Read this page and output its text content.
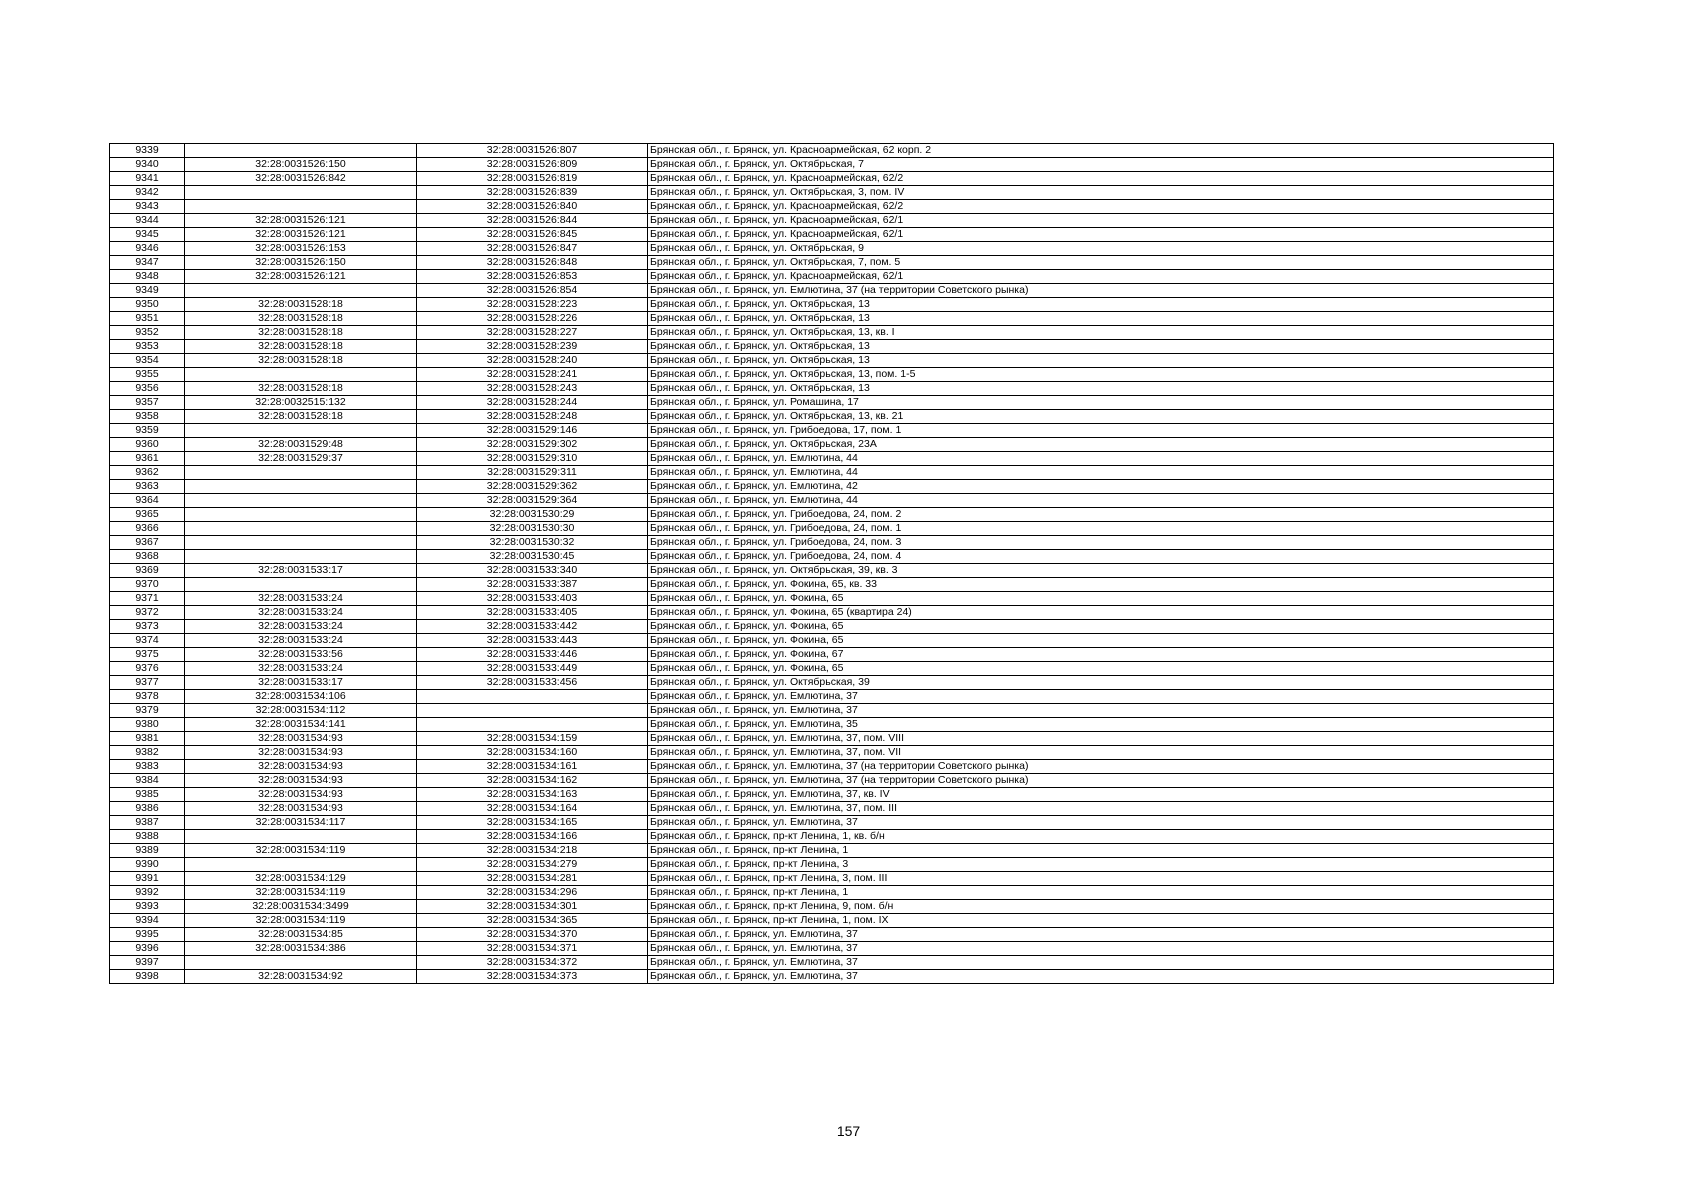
9339		32:28:0031526:807	Брянская обл., г. Брянск, ул. Красноармейская, 62 корп. 2
9340	32:28:0031526:150	32:28:0031526:809	Брянская обл., г. Брянск, ул. Октябрьская, 7
9341	32:28:0031526:842	32:28:0031526:819	Брянская обл., г. Брянск, ул. Красноармейская, 62/2
9342		32:28:0031526:839	Брянская обл., г. Брянск, ул. Октябрьская, 3, пом. IV
9343		32:28:0031526:840	Брянская обл., г. Брянск, ул. Красноармейская, 62/2
9344	32:28:0031526:121	32:28:0031526:844	Брянская обл., г. Брянск, ул. Красноармейская, 62/1
9345	32:28:0031526:121	32:28:0031526:845	Брянская обл., г. Брянск, ул. Красноармейская, 62/1
9346	32:28:0031526:153	32:28:0031526:847	Брянская обл., г. Брянск, ул. Октябрьская, 9
9347	32:28:0031526:150	32:28:0031526:848	Брянская обл., г. Брянск, ул. Октябрьская, 7, пом. 5
9348	32:28:0031526:121	32:28:0031526:853	Брянская обл., г. Брянск, ул. Красноармейская, 62/1
9349		32:28:0031526:854	Брянская обл., г. Брянск, ул. Емлютина, 37 (на территории Советского рынка)
9350	32:28:0031528:18	32:28:0031528:223	Брянская обл., г. Брянск, ул. Октябрьская, 13
9351	32:28:0031528:18	32:28:0031528:226	Брянская обл., г. Брянск, ул. Октябрьская, 13
9352	32:28:0031528:18	32:28:0031528:227	Брянская обл., г. Брянск, ул. Октябрьская, 13, кв. I
9353	32:28:0031528:18	32:28:0031528:239	Брянская обл., г. Брянск, ул. Октябрьская, 13
9354	32:28:0031528:18	32:28:0031528:240	Брянская обл., г. Брянск, ул. Октябрьская, 13
9355		32:28:0031528:241	Брянская обл., г. Брянск, ул. Октябрьская, 13, пом. 1-5
9356	32:28:0031528:18	32:28:0031528:243	Брянская обл., г. Брянск, ул. Октябрьская, 13
9357	32:28:0032515:132	32:28:0031528:244	Брянская обл., г. Брянск, ул. Ромашина, 17
9358	32:28:0031528:18	32:28:0031528:248	Брянская обл., г. Брянск, ул. Октябрьская, 13, кв. 21
9359		32:28:0031529:146	Брянская обл., г. Брянск, ул. Грибоедова, 17, пом. 1
9360	32:28:0031529:48	32:28:0031529:302	Брянская обл., г. Брянск, ул. Октябрьская, 23А
9361	32:28:0031529:37	32:28:0031529:310	Брянская обл., г. Брянск, ул. Емлютина, 44
9362		32:28:0031529:311	Брянская обл., г. Брянск, ул. Емлютина, 44
9363		32:28:0031529:362	Брянская обл., г. Брянск, ул. Емлютина, 42
9364		32:28:0031529:364	Брянская обл., г. Брянск, ул. Емлютина, 44
9365		32:28:0031530:29	Брянская обл., г. Брянск, ул. Грибоедова, 24, пом. 2
9366		32:28:0031530:30	Брянская обл., г. Брянск, ул. Грибоедова, 24, пом. 1
9367		32:28:0031530:32	Брянская обл., г. Брянск, ул. Грибоедова, 24, пом. 3
9368		32:28:0031530:45	Брянская обл., г. Брянск, ул. Грибоедова, 24, пом. 4
9369	32:28:0031533:17	32:28:0031533:340	Брянская обл., г. Брянск, ул. Октябрьская, 39, кв. 3
9370		32:28:0031533:387	Брянская обл., г. Брянск, ул. Фокина, 65, кв. 33
9371	32:28:0031533:24	32:28:0031533:403	Брянская обл., г. Брянск, ул. Фокина, 65
9372	32:28:0031533:24	32:28:0031533:405	Брянская обл., г. Брянск, ул. Фокина, 65 (квартира 24)
9373	32:28:0031533:24	32:28:0031533:442	Брянская обл., г. Брянск, ул. Фокина, 65
9374	32:28:0031533:24	32:28:0031533:443	Брянская обл., г. Брянск, ул. Фокина, 65
9375	32:28:0031533:56	32:28:0031533:446	Брянская обл., г. Брянск, ул. Фокина, 67
9376	32:28:0031533:24	32:28:0031533:449	Брянская обл., г. Брянск, ул. Фокина, 65
9377	32:28:0031533:17	32:28:0031533:456	Брянская обл., г. Брянск, ул. Октябрьская, 39
9378	32:28:0031534:106		Брянская обл., г. Брянск, ул. Емлютина, 37
9379	32:28:0031534:112		Брянская обл., г. Брянск, ул. Емлютина, 37
9380	32:28:0031534:141		Брянская обл., г. Брянск, ул. Емлютина, 35
9381	32:28:0031534:93	32:28:0031534:159	Брянская обл., г. Брянск, ул. Емлютина, 37, пом. VIII
9382	32:28:0031534:93	32:28:0031534:160	Брянская обл., г. Брянск, ул. Емлютина, 37, пом. VII
9383	32:28:0031534:93	32:28:0031534:161	Брянская обл., г. Брянск, ул. Емлютина, 37 (на территории Советского рынка)
9384	32:28:0031534:93	32:28:0031534:162	Брянская обл., г. Брянск, ул. Емлютина, 37 (на территории Советского рынка)
9385	32:28:0031534:93	32:28:0031534:163	Брянская обл., г. Брянск, ул. Емлютина, 37, кв. IV
9386	32:28:0031534:93	32:28:0031534:164	Брянская обл., г. Брянск, ул. Емлютина, 37, пом. III
9387	32:28:0031534:117	32:28:0031534:165	Брянская обл., г. Брянск, ул. Емлютина, 37
9388		32:28:0031534:166	Брянская обл., г. Брянск, пр-кт Ленина, 1, кв. б/н
9389	32:28:0031534:119	32:28:0031534:218	Брянская обл., г. Брянск, пр-кт Ленина, 1
9390		32:28:0031534:279	Брянская обл., г. Брянск, пр-кт Ленина, 3
9391	32:28:0031534:129	32:28:0031534:281	Брянская обл., г. Брянск, пр-кт Ленина, 3, пом. III
9392	32:28:0031534:119	32:28:0031534:296	Брянская обл., г. Брянск, пр-кт Ленина, 1
9393	32:28:0031534:3499	32:28:0031534:301	Брянская обл., г. Брянск, пр-кт Ленина, 9, пом. б/н
9394	32:28:0031534:119	32:28:0031534:365	Брянская обл., г. Брянск, пр-кт Ленина, 1, пом. IX
9395	32:28:0031534:85	32:28:0031534:370	Брянская обл., г. Брянск, ул. Емлютина, 37
9396	32:28:0031534:386	32:28:0031534:371	Брянская обл., г. Брянск, ул. Емлютина, 37
9397		32:28:0031534:372	Брянская обл., г. Брянск, ул. Емлютина, 37
9398	32:28:0031534:92	32:28:0031534:373	Брянская обл., г. Брянск, ул. Емлютина, 37
157
